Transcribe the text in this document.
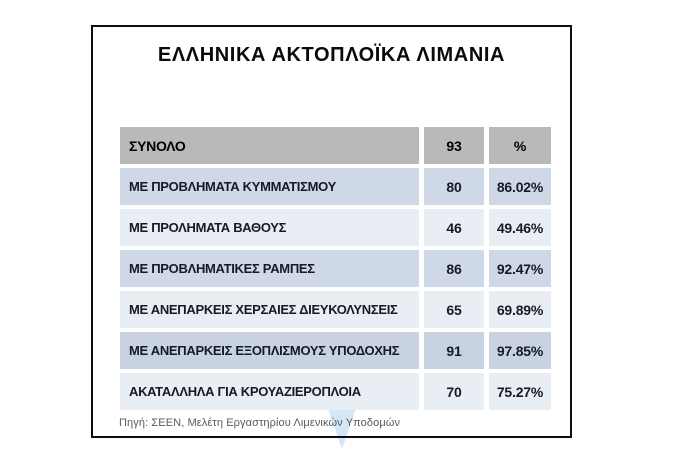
ΕΛΛΗΝΙΚΑ ΑΚΤΟΠΛΟΪΚΑ ΛΙΜΑΝΙΑ
ΣΥΝΟΛΟ	93	%
ΜΕ ΠΡΟΒΛΗΜΑΤΑ ΚΥΜΜΑΤΙΣΜΟΥ	80	86.02%
ΜΕ ΠΡΟΛΗΜΑΤΑ ΒΑΘΟΥΣ	46	49.46%
ΜΕ ΠΡΟΒΛΗΜΑΤΙΚΕΣ ΡΑΜΠΕΣ	86	92.47%
ΜΕ ΑΝΕΠΑΡΚΕΙΣ ΧΕΡΣΑΙΕΣ ΔΙΕΥΚΟΛΥΝΣΕΙΣ	65	69.89%
ΜΕ ΑΝΕΠΑΡΚΕΙΣ ΕΞΟΠΛΙΣΜΟΥΣ ΥΠΟΔΟΧΗΣ	91	97.85%
ΑΚΑΤΑΛΛΗΛΑ ΓΙΑ ΚΡΟΥΑΖΙΕΡΟΠΛΟΙΑ	70	75.27%
Πηγή: ΣΕΕΝ, Μελέτη Εργαστηρίου Λιμενικών Υποδομών
